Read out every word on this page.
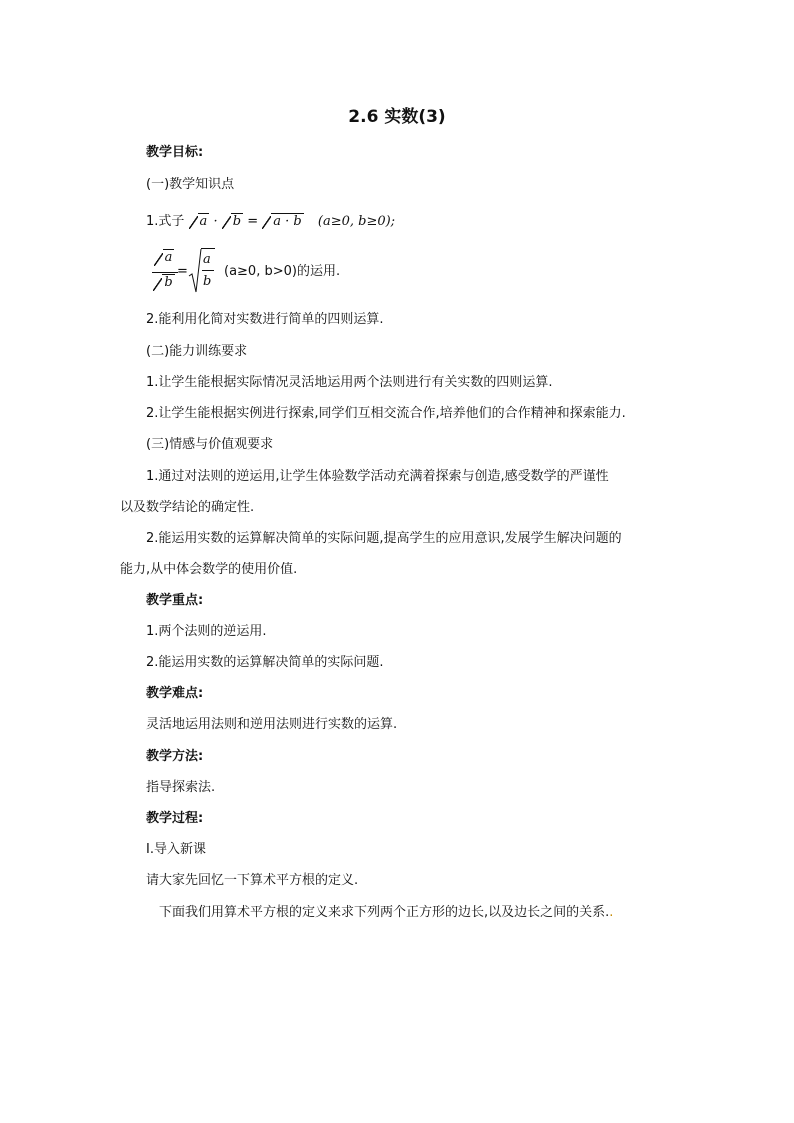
2.6 实数(3)
教学目标:
(一)教学知识点
1.式子 a · b = a · b (a≥0, b≥0);
a
b
=
a
b
(a≥0, b>0)的运用.
2.能利用化简对实数进行简单的四则运算.
(二)能力训练要求
1.让学生能根据实际情况灵活地运用两个法则进行有关实数的四则运算.
2.让学生能根据实例进行探索,同学们互相交流合作,培养他们的合作精神和探索能力.
(三)情感与价值观要求
1.通过对法则的逆运用,让学生体验数学活动充满着探索与创造,感受数学的严谨性
以及数学结论的确定性.
2.能运用实数的运算解决简单的实际问题,提高学生的应用意识,发展学生解决问题的
能力,从中体会数学的使用价值.
教学重点:
1.两个法则的逆运用.
2.能运用实数的运算解决简单的实际问题.
教学难点:
灵活地运用法则和逆用法则进行实数的运算.
教学方法:
指导探索法.
教学过程:
Ⅰ.导入新课
请大家先回忆一下算术平方根的定义.
下面我们用算术平方根的定义来求下列两个正方形的边长,以及边长之间的关系..
